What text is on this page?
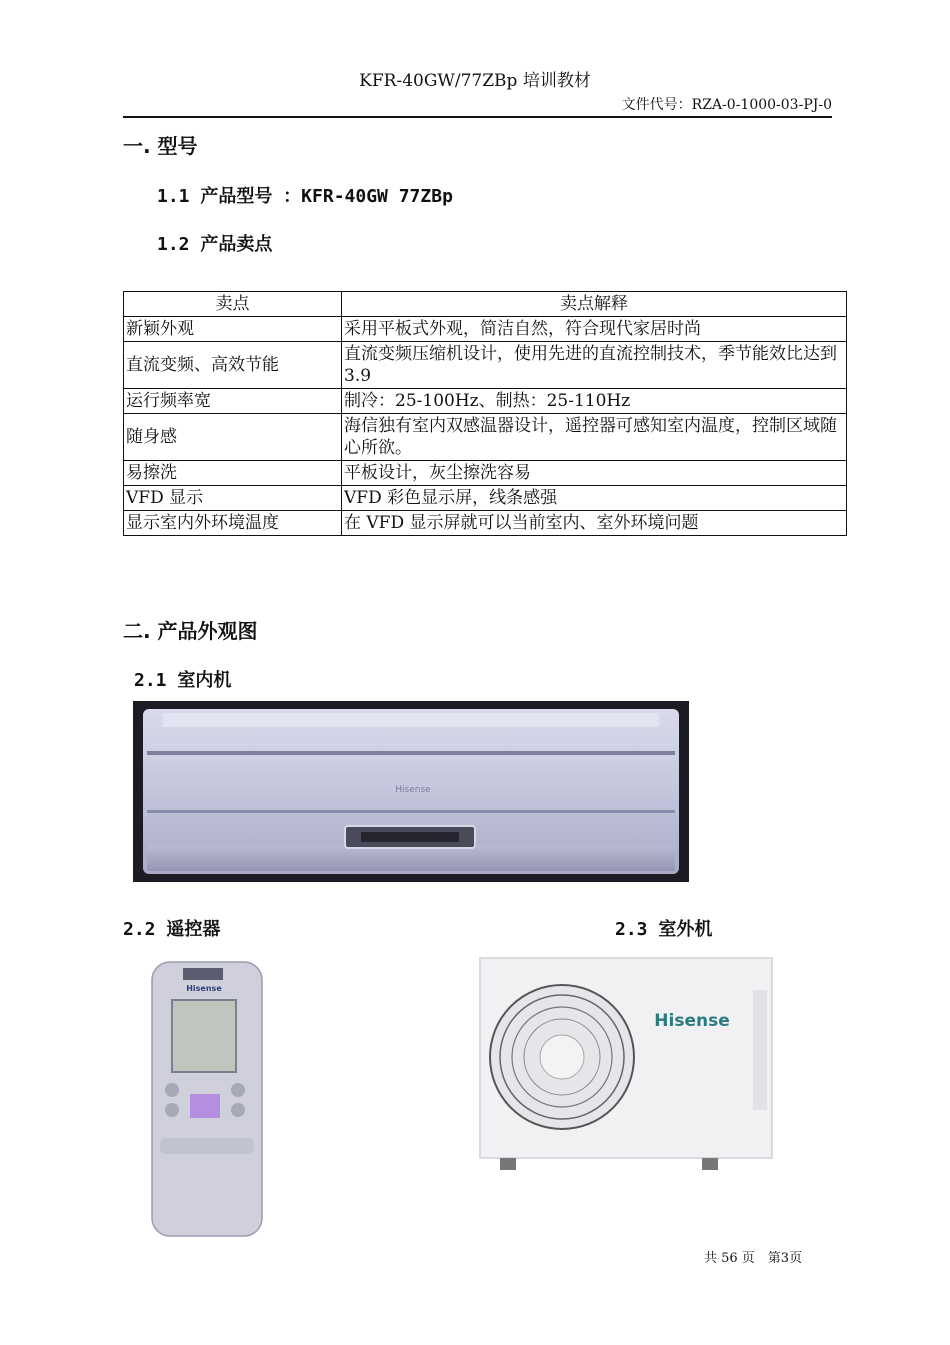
KFR-40GW/77ZBp 培训教材
文件代号：RZA-0-1000-03-PJ-0
一. 型号
1.1 产品型号 ：KFR-40GW 77ZBp
1.2 产品卖点
卖点	卖点解释
新颖外观	采用平板式外观，简洁自然，符合现代家居时尚
直流变频、高效节能	直流变频压缩机设计，使用先进的直流控制技术，季节能效比达到 3.9
运行频率宽	制冷：25-100Hz、制热：25-110Hz
随身感	海信独有室内双感温器设计，遥控器可感知室内温度，控制区域随心所欲。
易擦洗	平板设计，灰尘擦洗容易
VFD 显示	VFD 彩色显示屏，线条感强
显示室内外环境温度	在 VFD 显示屏就可以当前室内、室外环境问题
二. 产品外观图
2.1 室内机
Hisense
2.2 遥控器	2.3 室外机
Hisense
Hisense
共 56 页　第3页
